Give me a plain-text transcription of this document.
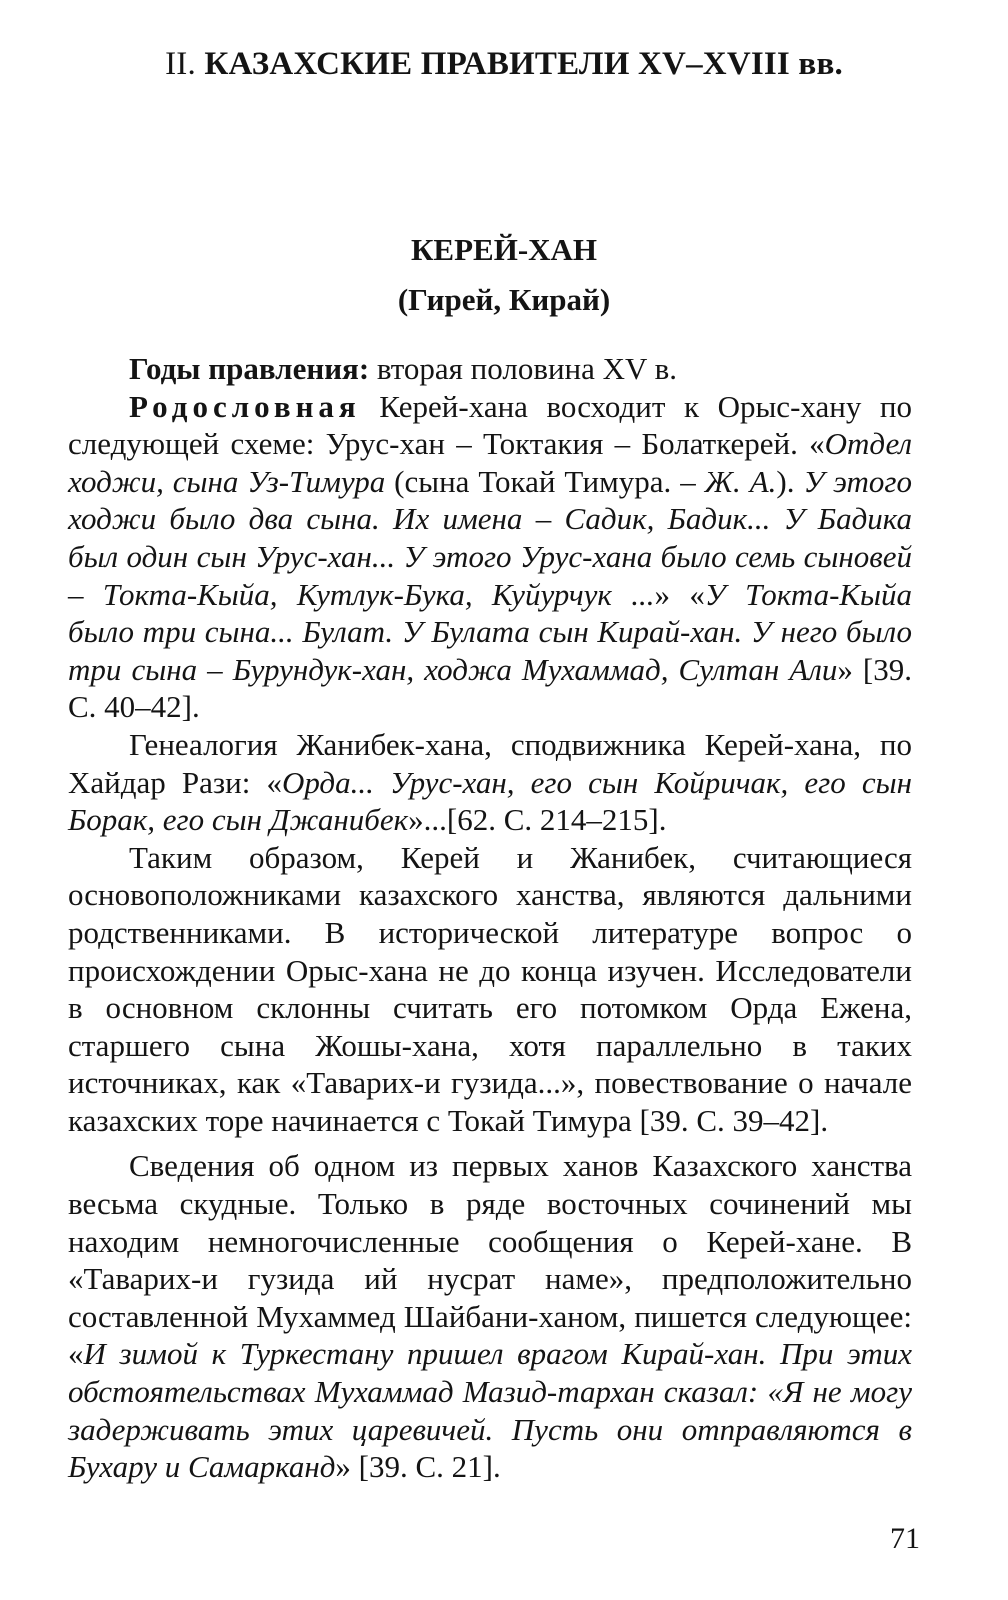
II. КАЗАХСКИЕ ПРАВИТЕЛИ XV–XVIII вв.
КЕРЕЙ-ХАН
(Гирей, Кирай)

Годы правления: вторая половина XV в.

Родословная Керей-хана восходит к Орыс-хану по следующей схеме: Урус-хан – Токтакия – Болаткерей. «Отдел ходжи, сына Уз-Тимура (сына Токай Тимура. – Ж. А.). У этого ходжи было два сына. Их имена – Садик, Бадик... У Бадика был один сын Урус-хан... У этого Урус-хана было семь сыновей – Токта-Кыйа, Кутлук-Бука, Куйурчук ...» «У Токта-Кыйа было три сына... Булат. У Булата сын Кирай-хан. У него было три сына – Бурундук-хан, ходжа Мухаммад, Султан Али» [39. С. 40–42].

Генеалогия Жанибек-хана, сподвижника Керей-хана, по Хайдар Рази: «Орда... Урус-хан, его сын Койричак, его сын Борак, его сын Джанибек»...[62. С. 214–215].

Таким образом, Керей и Жанибек, считающиеся основоположниками казахского ханства, являются дальними родственниками. В исторической литературе вопрос о происхождении Орыс-хана не до конца изучен. Исследователи в основном склонны считать его потомком Орда Ежена, старшего сына Жошы-хана, хотя параллельно в таких источниках, как «Таварих-и гузида...», повествование о начале казахских торе начинается с Токай Тимура [39. С. 39–42].

Сведения об одном из первых ханов Казахского ханства весьма скудные. Только в ряде восточных сочинений мы находим немногочисленные сообщения о Керей-хане. В «Таварих-и гузида ий нусрат наме», предположительно составленной Мухаммед Шайбани-ханом, пишется следующее: «И зимой к Туркестану пришел врагом Кирай-хан. При этих обстоятельствах Мухаммад Мазид-тархан сказал: «Я не могу задерживать этих царевичей. Пусть они отправляются в Бухару и Самарканд» [39. С. 21].

71
